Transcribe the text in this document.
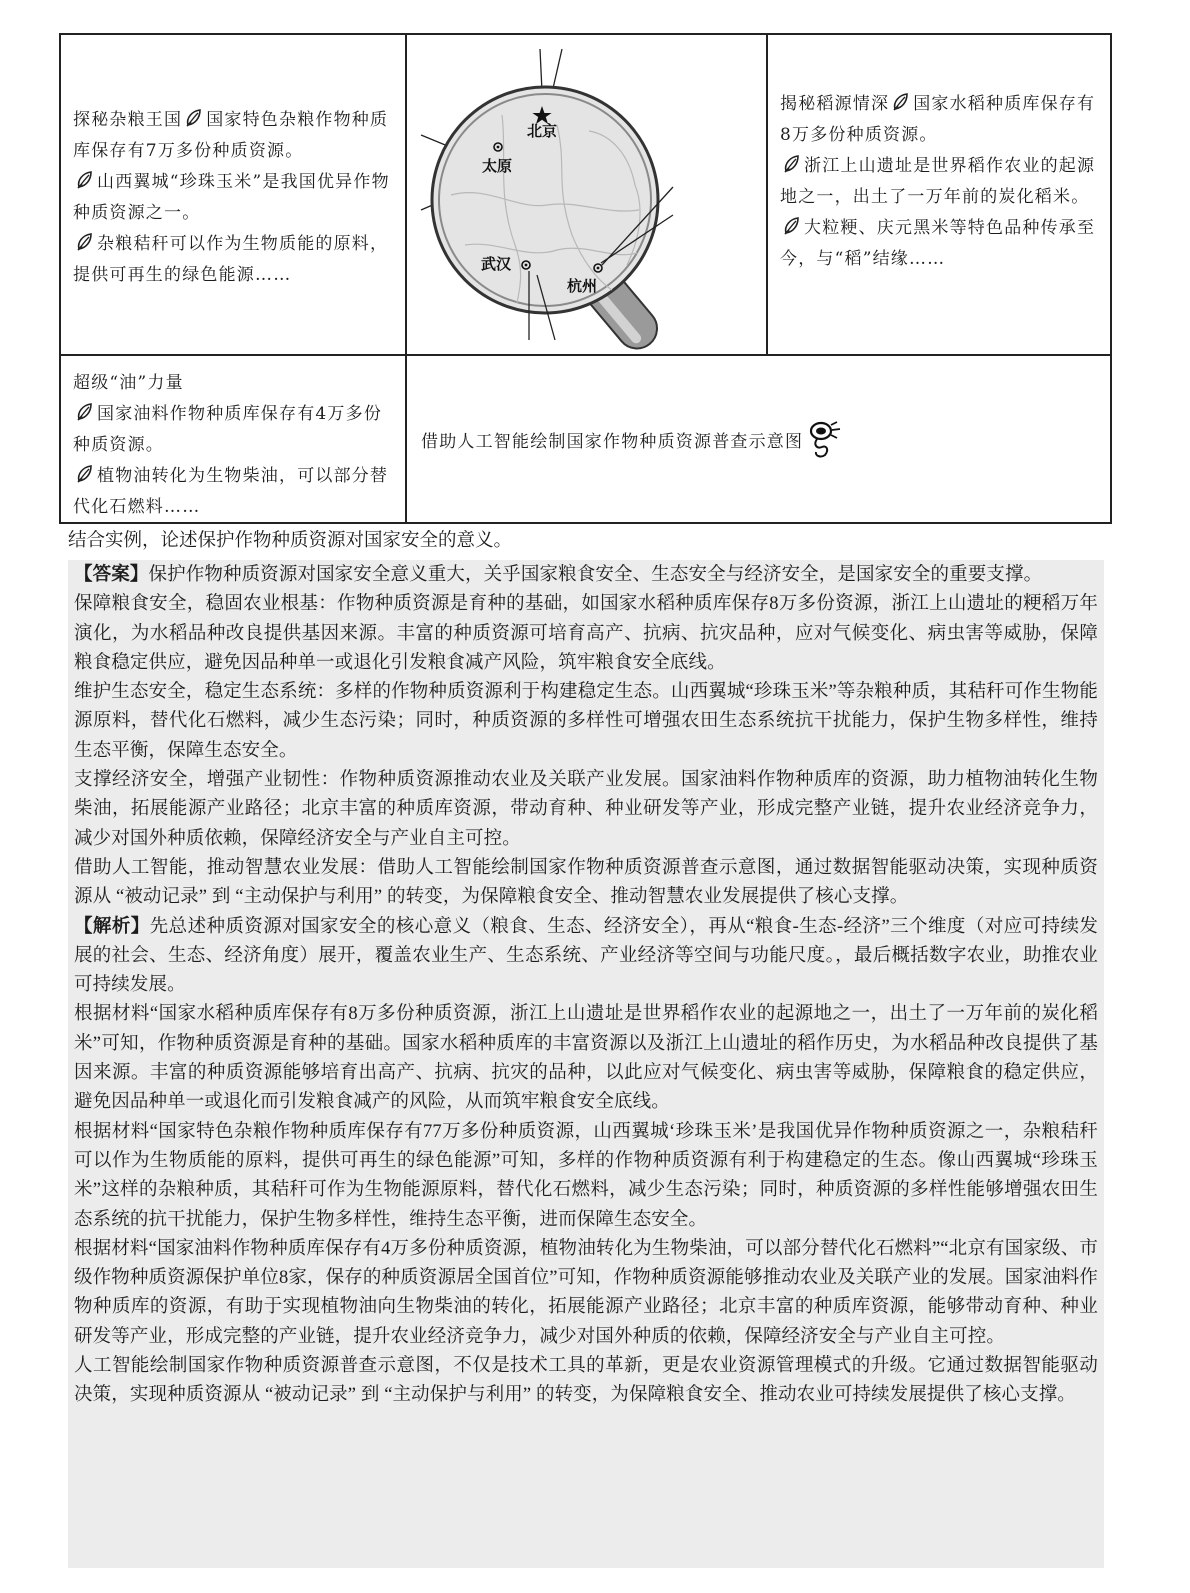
探秘杂粮王国 国家特色杂粮作物种质库保存有7万多份种质资源。

山西翼城“珍珠玉米”是我国优异作物种质资源之一。

杂粮秸秆可以作为生物质能的原料，提供可再生的绿色能源……

北京
太原
武汉
杭州

揭秘稻源情深 国家水稻种质库保存有8万多份种质资源。

浙江上山遗址是世界稻作农业的起源地之一，出土了一万年前的炭化稻米。

大粒粳、庆元黑米等特色品种传承至今，与“稻”结缘……

超级“油”力量

国家油料作物种质库保存有4万多份种质资源。

植物油转化为生物柴油，可以部分替代化石燃料……

借助人工智能绘制国家作物种质资源普查示意图
结合实例，论述保护作物种质资源对国家安全的意义。

【答案】保护作物种质资源对国家安全意义重大，关乎国家粮食安全、生态安全与经济安全，是国家安全的重要支撑。

保障粮食安全，稳固农业根基：作物种质资源是育种的基础，如国家水稻种质库保存8万多份资源，浙江上山遗址的粳稻万年演化，为水稻品种改良提供基因来源。丰富的种质资源可培育高产、抗病、抗灾品种，应对气候变化、病虫害等威胁，保障粮食稳定供应，避免因品种单一或退化引发粮食减产风险，筑牢粮食安全底线。

维护生态安全，稳定生态系统：多样的作物种质资源利于构建稳定生态。山西翼城“珍珠玉米”等杂粮种质，其秸秆可作生物能源原料，替代化石燃料，减少生态污染；同时，种质资源的多样性可增强农田生态系统抗干扰能力，保护生物多样性，维持生态平衡，保障生态安全。

支撑经济安全，增强产业韧性：作物种质资源推动农业及关联产业发展。国家油料作物种质库的资源，助力植物油转化生物柴油，拓展能源产业路径；北京丰富的种质库资源，带动育种、种业研发等产业，形成完整产业链，提升农业经济竞争力，减少对国外种质依赖，保障经济安全与产业自主可控。

借助人工智能，推动智慧农业发展：借助人工智能绘制国家作物种质资源普查示意图，通过数据智能驱动决策，实现种质资源从 “被动记录” 到 “主动保护与利用” 的转变，为保障粮食安全、推动智慧农业发展提供了核心支撑。

【解析】先总述种质资源对国家安全的核心意义（粮食、生态、经济安全），再从“粮食-生态-经济”三个维度（对应可持续发展的社会、生态、经济角度）展开，覆盖农业生产、生态系统、产业经济等空间与功能尺度。，最后概括数字农业，助推农业可持续发展。

根据材料“国家水稻种质库保存有8万多份种质资源，浙江上山遗址是世界稻作农业的起源地之一，出土了一万年前的炭化稻米”可知，作物种质资源是育种的基础。国家水稻种质库的丰富资源以及浙江上山遗址的稻作历史，为水稻品种改良提供了基因来源。丰富的种质资源能够培育出高产、抗病、抗灾的品种，以此应对气候变化、病虫害等威胁，保障粮食的稳定供应，避免因品种单一或退化而引发粮食减产的风险，从而筑牢粮食安全底线。

根据材料“国家特色杂粮作物种质库保存有77万多份种质资源，山西翼城‘珍珠玉米’是我国优异作物种质资源之一，杂粮秸秆可以作为生物质能的原料，提供可再生的绿色能源”可知，多样的作物种质资源有利于构建稳定的生态。像山西翼城“珍珠玉米”这样的杂粮种质，其秸秆可作为生物能源原料，替代化石燃料，减少生态污染；同时，种质资源的多样性能够增强农田生态系统的抗干扰能力，保护生物多样性，维持生态平衡，进而保障生态安全。

根据材料“国家油料作物种质库保存有4万多份种质资源，植物油转化为生物柴油，可以部分替代化石燃料”“北京有国家级、市级作物种质资源保护单位8家，保存的种质资源居全国首位”可知，作物种质资源能够推动农业及关联产业的发展。国家油料作物种质库的资源，有助于实现植物油向生物柴油的转化，拓展能源产业路径；北京丰富的种质库资源，能够带动育种、种业研发等产业，形成完整的产业链，提升农业经济竞争力，减少对国外种质的依赖，保障经济安全与产业自主可控。

人工智能绘制国家作物种质资源普查示意图，不仅是技术工具的革新，更是农业资源管理模式的升级。它通过数据智能驱动决策，实现种质资源从 “被动记录” 到 “主动保护与利用” 的转变，为保障粮食安全、推动农业可持续发展提供了核心支撑。
